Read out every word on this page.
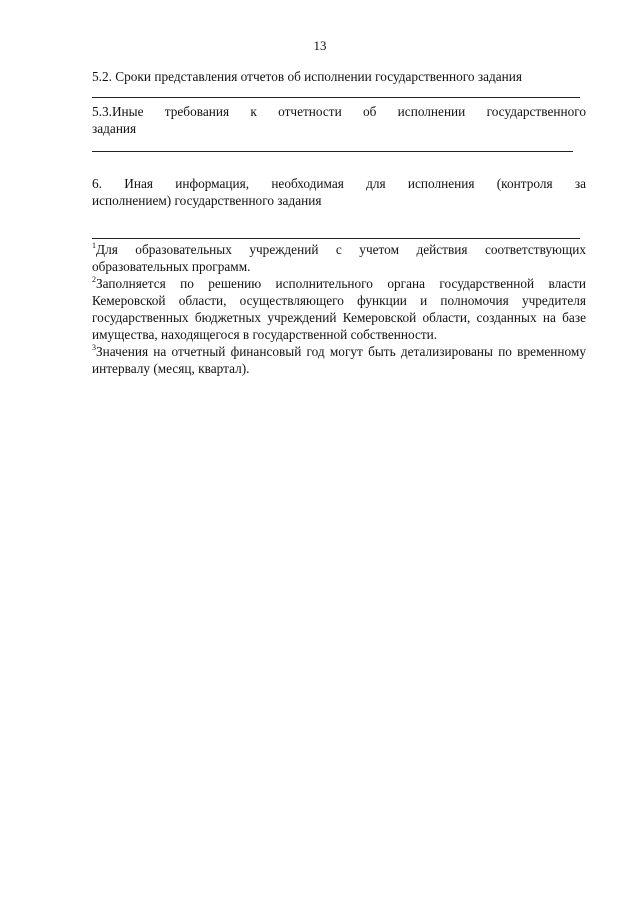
13
5.2. Сроки представления отчетов об исполнении государственного задания
5.3.Иные требования к отчетности об исполнении государственного
задания
6. Иная информация, необходимая для исполнения (контроля за
исполнением) государственного задания

$^1$Для образовательных учреждений с учетом действия соответствующих образовательных программ.

$^2$Заполняется по решению исполнительного органа государственной власти Кемеровской области, осуществляющего функции и полномочия учредителя государственных бюджетных учреждений Кемеровской области, созданных на базе имущества, находящегося в государственной собственности.

$^3$Значения на отчетный финансовый год могут быть детализированы по временному интервалу (месяц, квартал).
